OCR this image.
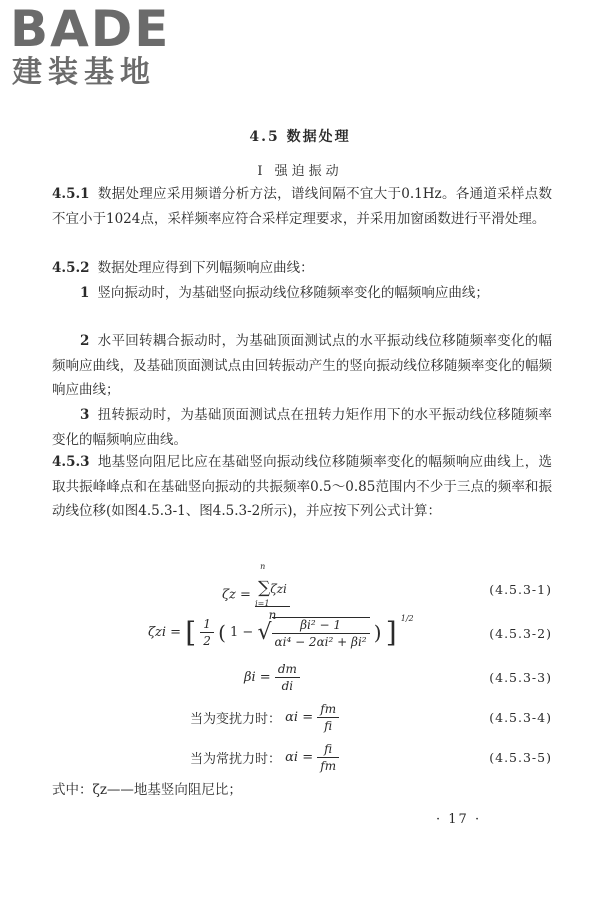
BADE
建装基地
4.5 数据处理
Ⅰ 强迫振动

4.5.1 数据处理应采用频谱分析方法，谱线间隔不宜大于0.1Hz。各通道采样点数不宜小于1024点，采样频率应符合采样定理要求，并采用加窗函数进行平滑处理。

4.5.2 数据处理应得到下列幅频响应曲线：

1 竖向振动时，为基础竖向振动线位移随频率变化的幅频响应曲线；

2 水平回转耦合振动时，为基础顶面测试点的水平振动线位移随频率变化的幅频响应曲线，及基础顶面测试点由回转振动产生的竖向振动线位移随频率变化的幅频响应曲线；

3 扭转振动时，为基础顶面测试点在扭转力矩作用下的水平振动线位移随频率变化的幅频响应曲线。

4.5.3 地基竖向阻尼比应在基础竖向振动线位移随频率变化的幅频响应曲线上，选取共振峰峰点和在基础竖向振动的共振频率0.5～0.85范围内不少于三点的频率和振动线位移(如图4.5.3-1、图4.5.3-2所示)，并应按下列公式计算：

ζz = n
∑ζzi
i=1
n	(4.5.3-1)
ζzi = [ $\frac{1}{2}$ ( 1 − √ $\frac{\text{βi² − 1}}{\text{αi⁴ − 2αi² + βi²}}$ ) ] $^{1/2}$
(4.5.3-2)
$\beta i = \frac{dm}{di}$	(4.5.3-3)
当为变扰力时： $\alpha i = \frac{fm}{fi}$	(4.5.3-4)
当为常扰力时： $\alpha i = \frac{fi}{fm}$	(4.5.3-5)

式中：ζz——地基竖向阻尼比；

· 17 ·
